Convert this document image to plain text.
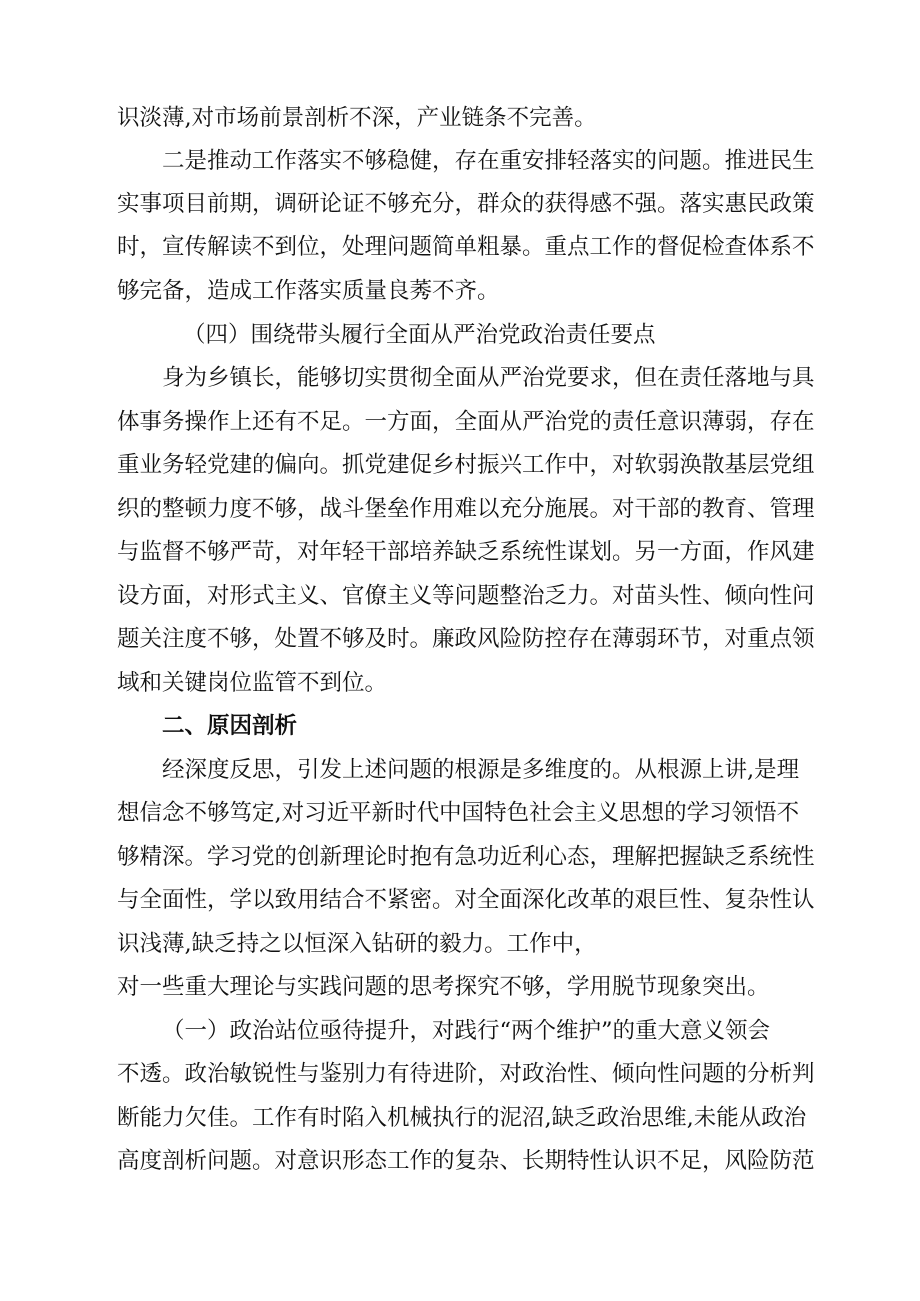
识淡薄,对市场前景剖析不深，产业链条不完善。

二是推动工作落实不够稳健，存在重安排轻落实的问题。推进民生

实事项目前期，调研论证不够充分，群众的获得感不强。落实惠民政策

时，宣传解读不到位，处理问题简单粗暴。重点工作的督促检查体系不

够完备，造成工作落实质量良莠不齐。

（四）围绕带头履行全面从严治党政治责任要点

身为乡镇长，能够切实贯彻全面从严治党要求，但在责任落地与具

体事务操作上还有不足。一方面，全面从严治党的责任意识薄弱，存在

重业务轻党建的偏向。抓党建促乡村振兴工作中，对软弱涣散基层党组

织的整顿力度不够，战斗堡垒作用难以充分施展。对干部的教育、管理

与监督不够严苛，对年轻干部培养缺乏系统性谋划。另一方面，作风建

设方面，对形式主义、官僚主义等问题整治乏力。对苗头性、倾向性问

题关注度不够，处置不够及时。廉政风险防控存在薄弱环节，对重点领

域和关键岗位监管不到位。

二、原因剖析

经深度反思，引发上述问题的根源是多维度的。从根源上讲,是理

想信念不够笃定,对习近平新时代中国特色社会主义思想的学习领悟不

够精深。学习党的创新理论时抱有急功近利心态，理解把握缺乏系统性

与全面性，学以致用结合不紧密。对全面深化改革的艰巨性、复杂性认

识浅薄,缺乏持之以恒深入钻研的毅力。工作中，

对一些重大理论与实践问题的思考探究不够，学用脱节现象突出。

（一）政治站位亟待提升，对践行“两个维护”的重大意义领会

不透。政治敏锐性与鉴别力有待进阶，对政治性、倾向性问题的分析判

断能力欠佳。工作有时陷入机械执行的泥沼,缺乏政治思维,未能从政治

高度剖析问题。对意识形态工作的复杂、长期特性认识不足，风险防范
